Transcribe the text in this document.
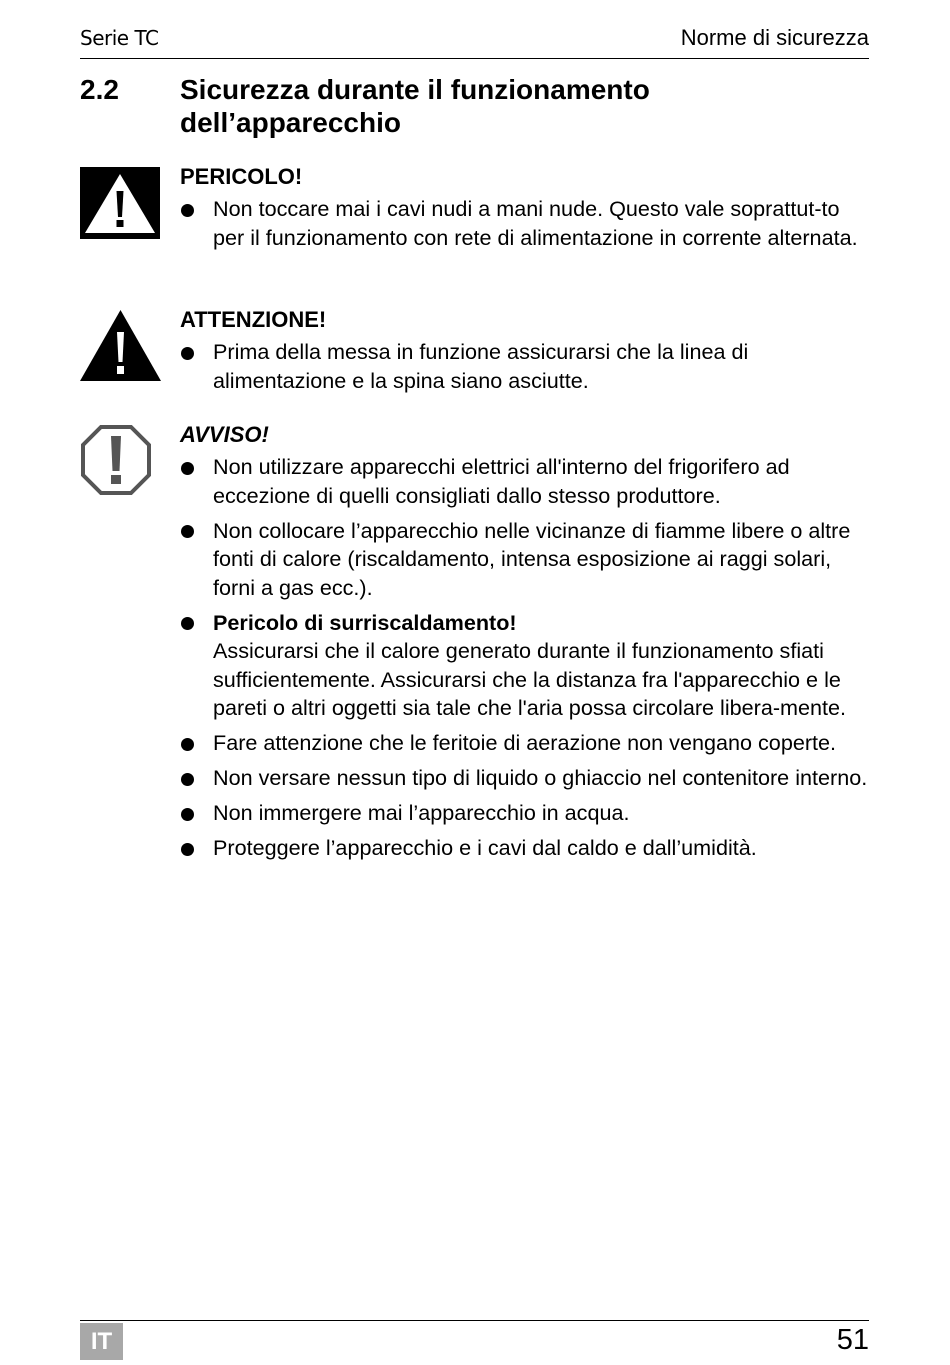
Serie TC	Norme di sicurezza
2.2 Sicurezza durante il funzionamento dell’apparecchio
PERICOLO!
Non toccare mai i cavi nudi a mani nude. Questo vale soprattut-to per il funzionamento con rete di alimentazione in corrente alternata.
ATTENZIONE!
Prima della messa in funzione assicurarsi che la linea di alimentazione e la spina siano asciutte.
AVVISO!
Non utilizzare apparecchi elettrici all'interno del frigorifero ad eccezione di quelli consigliati dallo stesso produttore.
Non collocare l’apparecchio nelle vicinanze di fiamme libere o altre fonti di calore (riscaldamento, intensa esposizione ai raggi solari, forni a gas ecc.).
Pericolo di surriscaldamento!
Assicurarsi che il calore generato durante il funzionamento sfiati sufficientemente. Assicurarsi che la distanza fra l'apparecchio e le pareti o altri oggetti sia tale che l'aria possa circolare libera-mente.
Fare attenzione che le feritoie di aerazione non vengano coperte.
Non versare nessun tipo di liquido o ghiaccio nel contenitore interno.
Non immergere mai l’apparecchio in acqua.
Proteggere l’apparecchio e i cavi dal caldo e dall’umidità.
IT	51
